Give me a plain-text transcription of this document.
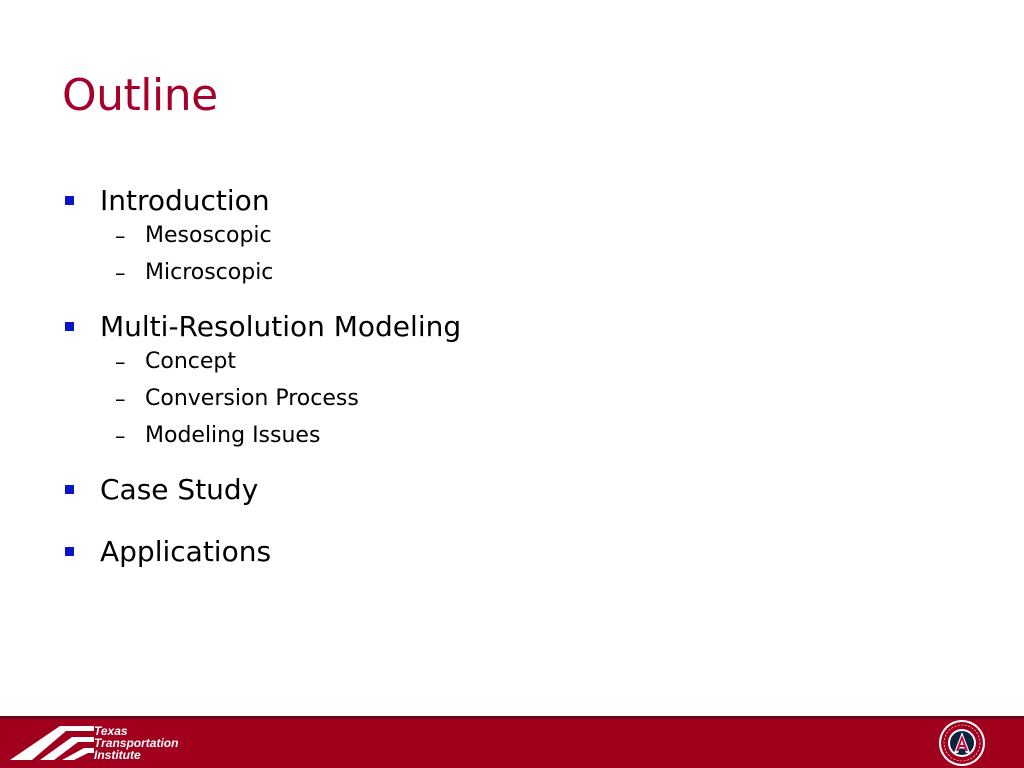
Outline
Introduction
– Mesoscopic
– Microscopic
Multi-Resolution Modeling
– Concept
– Conversion Process
– Modeling Issues
Case Study
Applications
Texas
Transportation
Institute
